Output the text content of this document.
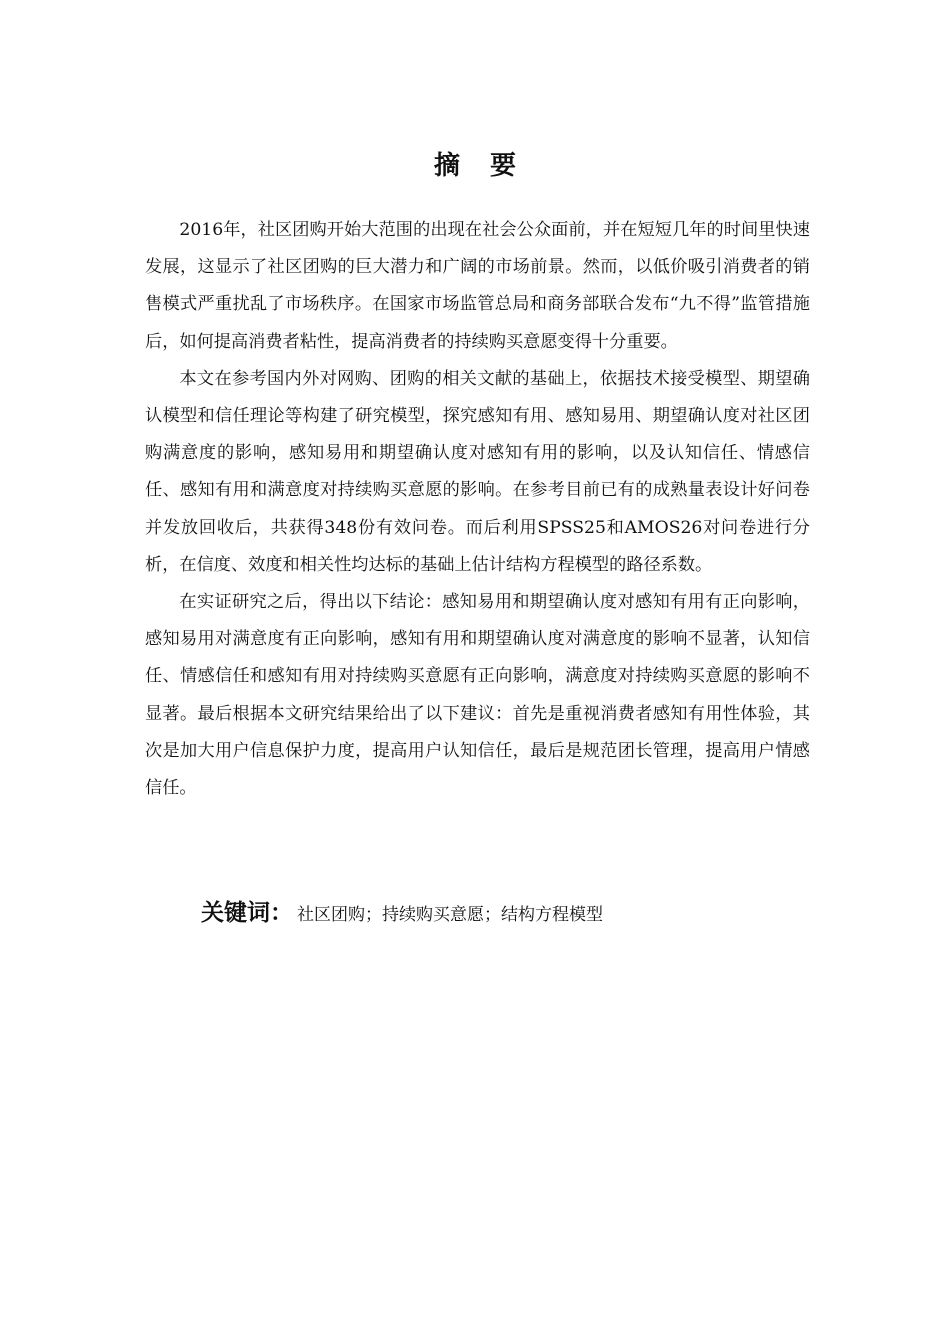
摘要

2016年，社区团购开始大范围的出现在社会公众面前，并在短短几年的时间里快速发展，这显示了社区团购的巨大潜力和广阔的市场前景。然而，以低价吸引消费者的销售模式严重扰乱了市场秩序。在国家市场监管总局和商务部联合发布“九不得”监管措施后，如何提高消费者粘性，提高消费者的持续购买意愿变得十分重要。

本文在参考国内外对网购、团购的相关文献的基础上，依据技术接受模型、期望确认模型和信任理论等构建了研究模型，探究感知有用、感知易用、期望确认度对社区团购满意度的影响，感知易用和期望确认度对感知有用的影响，以及认知信任、情感信任、感知有用和满意度对持续购买意愿的影响。在参考目前已有的成熟量表设计好问卷并发放回收后，共获得348份有效问卷。而后利用SPSS25和AMOS26对问卷进行分析，在信度、效度和相关性均达标的基础上估计结构方程模型的路径系数。

在实证研究之后，得出以下结论：感知易用和期望确认度对感知有用有正向影响，感知易用对满意度有正向影响，感知有用和期望确认度对满意度的影响不显著，认知信任、情感信任和感知有用对持续购买意愿有正向影响，满意度对持续购买意愿的影响不显著。最后根据本文研究结果给出了以下建议：首先是重视消费者感知有用性体验，其次是加大用户信息保护力度，提高用户认知信任，最后是规范团长管理，提高用户情感信任。

关键词： 社区团购；持续购买意愿；结构方程模型
